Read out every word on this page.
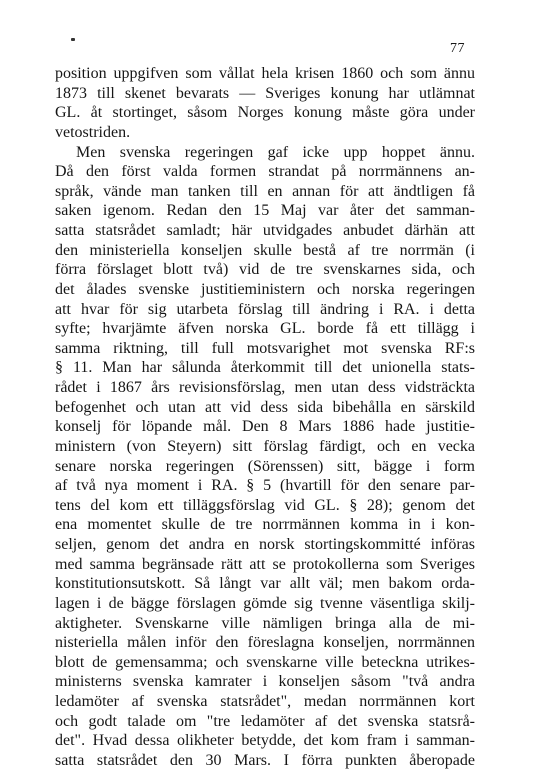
77
position uppgifven som vållat hela krisen 1860 och som ännu
1873 till skenet bevarats — Sveriges konung har utlämnat
GL. åt stortinget, såsom Norges konung måste göra under
vetostriden.
Men svenska regeringen gaf icke upp hoppet ännu.
Då den först valda formen strandat på norrmännens an-
språk, vände man tanken till en annan för att ändtligen få
saken igenom. Redan den 15 Maj var åter det samman-
satta statsrådet samladt; här utvidgades anbudet därhän att
den ministeriella konseljen skulle bestå af tre norrmän (i
förra förslaget blott två) vid de tre svenskarnes sida, och
det ålades svenske justitieministern och norska regeringen
att hvar för sig utarbeta förslag till ändring i RA. i detta
syfte; hvarjämte äfven norska GL. borde få ett tillägg i
samma riktning, till full motsvarighet mot svenska RF:s
§ 11. Man har sålunda återkommit till det unionella stats-
rådet i 1867 års revisionsförslag, men utan dess vidsträckta
befogenhet och utan att vid dess sida bibehålla en särskild
konselj för löpande mål. Den 8 Mars 1886 hade justitie-
ministern (von Steyern) sitt förslag färdigt, och en vecka
senare norska regeringen (Sörenssen) sitt, bägge i form
af två nya moment i RA. § 5 (hvartill för den senare par-
tens del kom ett tilläggsförslag vid GL. § 28); genom det
ena momentet skulle de tre norrmännen komma in i kon-
seljen, genom det andra en norsk stortingskommitté införas
med samma begränsade rätt att se protokollerna som Sveriges
konstitutionsutskott. Så långt var allt väl; men bakom orda-
lagen i de bägge förslagen gömde sig tvenne väsentliga skilj-
aktigheter. Svenskarne ville nämligen bringa alla de mi-
nisteriella målen inför den föreslagna konseljen, norrmännen
blott de gemensamma; och svenskarne ville beteckna utrikes-
ministerns svenska kamrater i konseljen såsom "två andra
ledamöter af svenska statsrådet", medan norrmännen kort
och godt talade om "tre ledamöter af det svenska statsrå-
det". Hvad dessa olikheter betydde, det kom fram i samman-
satta statsrådet den 30 Mars. I förra punkten åberopade
